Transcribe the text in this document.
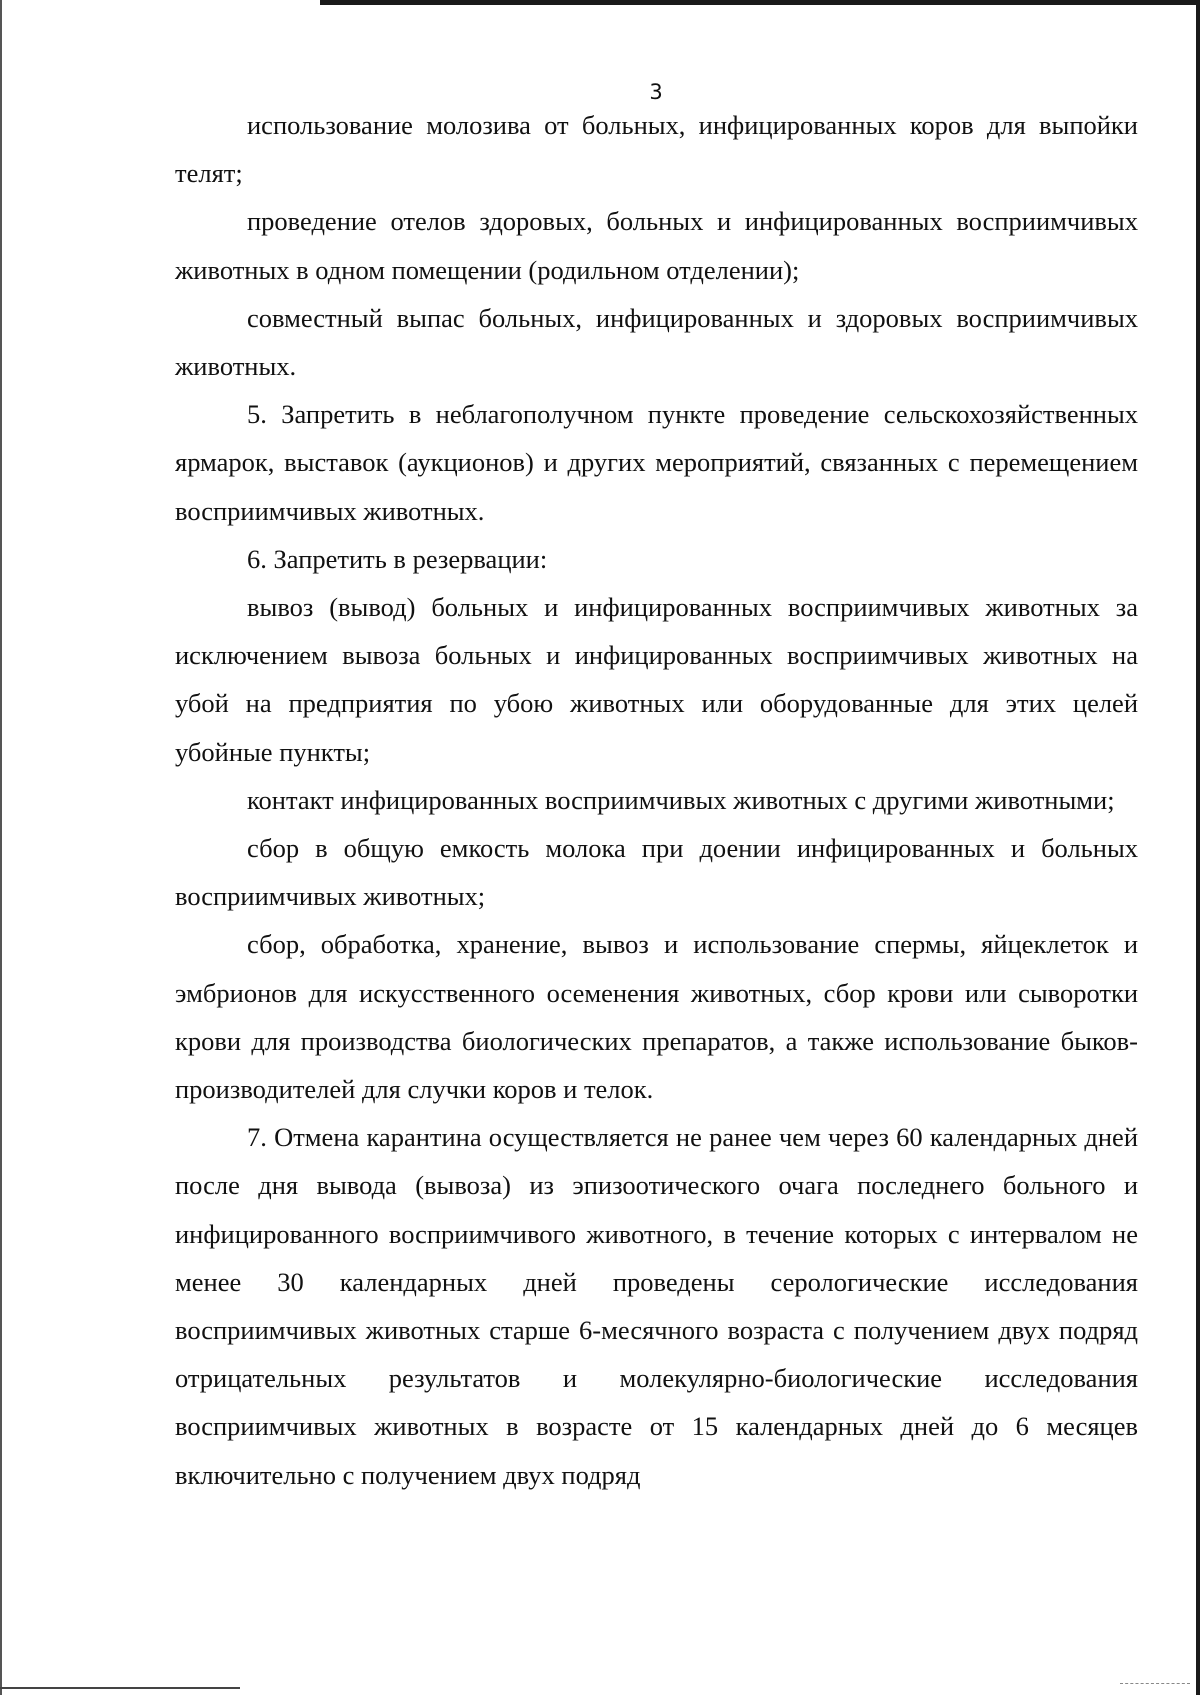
3

использование молозива от больных, инфицированных коров для выпойки телят;

проведение отелов здоровых, больных и инфицированных восприимчивых животных в одном помещении (родильном отделении);

совместный выпас больных, инфицированных и здоровых восприимчивых животных.

5. Запретить в неблагополучном пункте проведение сельскохозяйственных ярмарок, выставок (аукционов) и других мероприятий, связанных с перемещением восприимчивых животных.

6. Запретить в резервации:

вывоз (вывод) больных и инфицированных восприимчивых животных за исключением вывоза больных и инфицированных восприимчивых животных на убой на предприятия по убою животных или оборудованные для этих целей убойные пункты;

контакт инфицированных восприимчивых животных с другими животными;

сбор в общую емкость молока при доении инфицированных и больных восприимчивых животных;

сбор, обработка, хранение, вывоз и использование спермы, яйцеклеток и эмбрионов для искусственного осеменения животных, сбор крови или сыворотки крови для производства биологических препаратов, а также использование быков-производителей для случки коров и телок.

7. Отмена карантина осуществляется не ранее чем через 60 календарных дней после дня вывода (вывоза) из эпизоотического очага последнего больного и инфицированного восприимчивого животного, в течение которых с интервалом не менее 30 календарных дней проведены серологические исследования восприимчивых животных старше 6-месячного возраста с получением двух подряд отрицательных результатов и молекулярно-биологические исследования восприимчивых животных в возрасте от 15 календарных дней до 6 месяцев включительно с получением двух подряд
